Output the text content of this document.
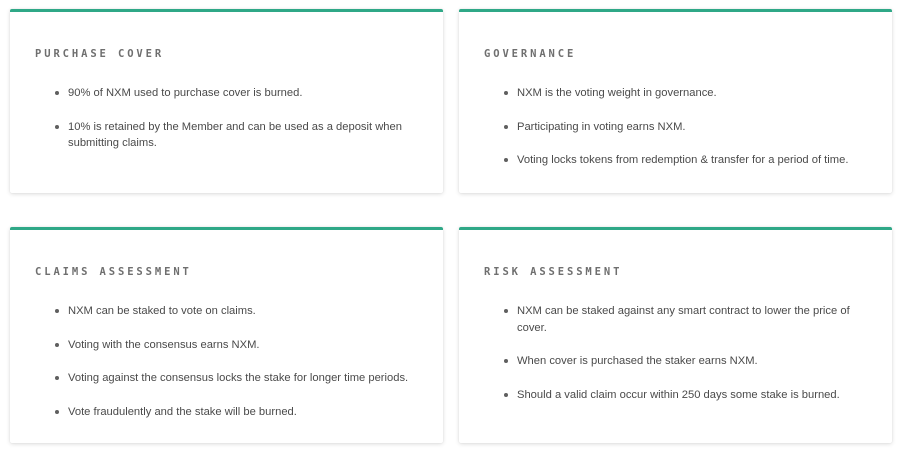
PURCHASE COVER
90% of NXM used to purchase cover is burned.
10% is retained by the Member and can be used as a deposit when submitting claims.
GOVERNANCE
NXM is the voting weight in governance.
Participating in voting earns NXM.
Voting locks tokens from redemption & transfer for a period of time.
CLAIMS ASSESSMENT
NXM can be staked to vote on claims.
Voting with the consensus earns NXM.
Voting against the consensus locks the stake for longer time periods.
Vote fraudulently and the stake will be burned.
RISK ASSESSMENT
NXM can be staked against any smart contract to lower the price of cover.
When cover is purchased the staker earns NXM.
Should a valid claim occur within 250 days some stake is burned.
